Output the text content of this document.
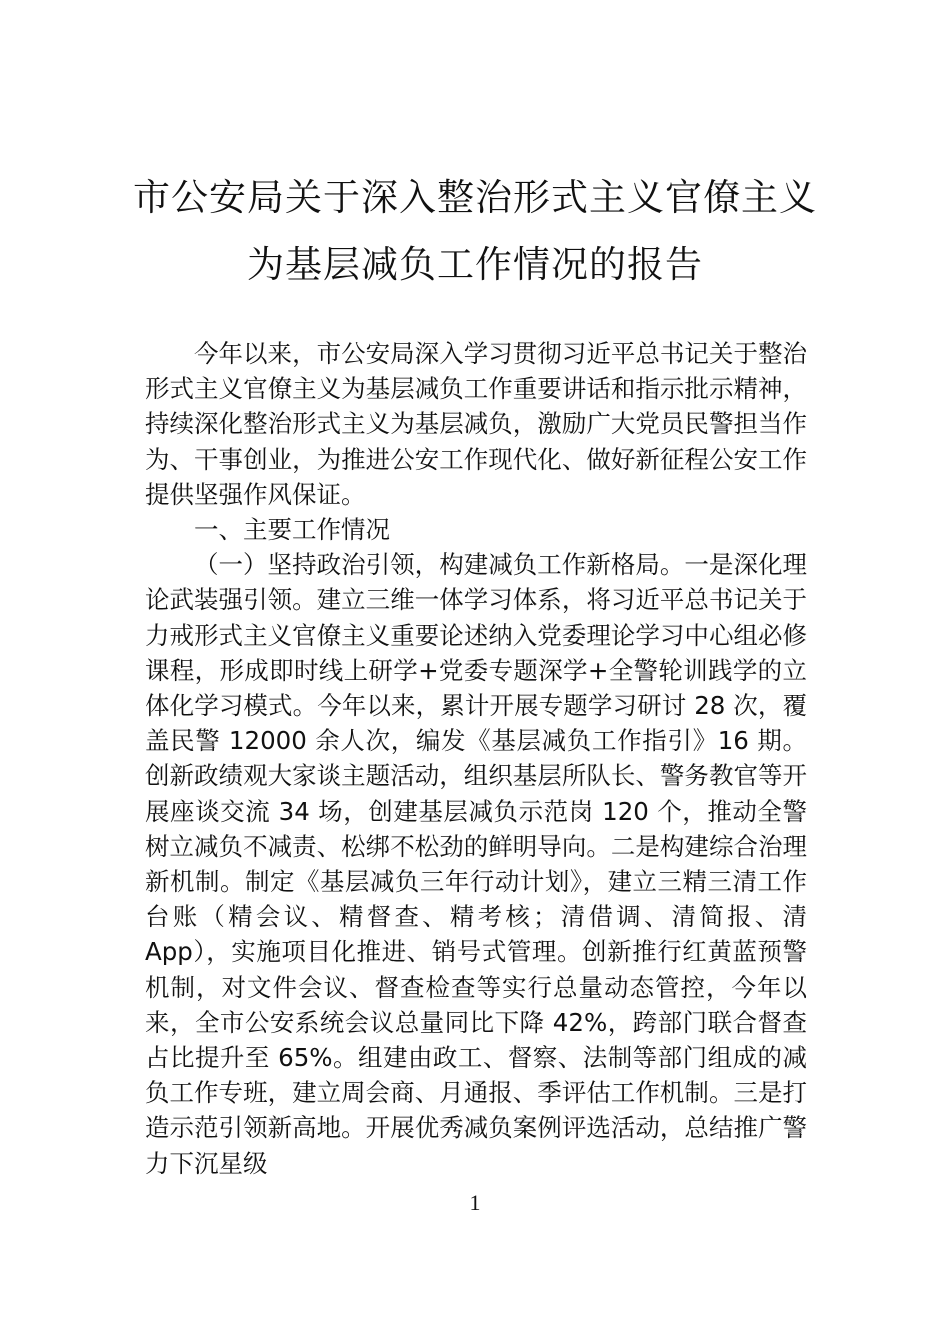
市公安局关于深入整治形式主义官僚主义
为基层减负工作情况的报告

今年以来，市公安局深入学习贯彻习近平总书记关于整治形式主义官僚主义为基层减负工作重要讲话和指示批示精神，持续深化整治形式主义为基层减负，激励广大党员民警担当作为、干事创业，为推进公安工作现代化、做好新征程公安工作提供坚强作风保证。

一、主要工作情况

（一）坚持政治引领，构建减负工作新格局。一是深化理论武装强引领。建立三维一体学习体系，将习近平总书记关于力戒形式主义官僚主义重要论述纳入党委理论学习中心组必修课程，形成即时线上研学+党委专题深学+全警轮训践学的立体化学习模式。今年以来，累计开展专题学习研讨 28 次，覆盖民警 12000 余人次，编发《基层减负工作指引》16 期。创新政绩观大家谈主题活动，组织基层所队长、警务教官等开展座谈交流 34 场，创建基层减负示范岗 120 个，推动全警树立减负不减责、松绑不松劲的鲜明导向。二是构建综合治理新机制。制定《基层减负三年行动计划》，建立三精三清工作台账（精会议、精督查、精考核；清借调、清简报、清 App），实施项目化推进、销号式管理。创新推行红黄蓝预警机制，对文件会议、督查检查等实行总量动态管控，今年以来，全市公安系统会议总量同比下降 42%，跨部门联合督查占比提升至 65%。组建由政工、督察、法制等部门组成的减负工作专班，建立周会商、月通报、季评估工作机制。三是打造示范引领新高地。开展优秀减负案例评选活动，总结推广警力下沉星级

1
